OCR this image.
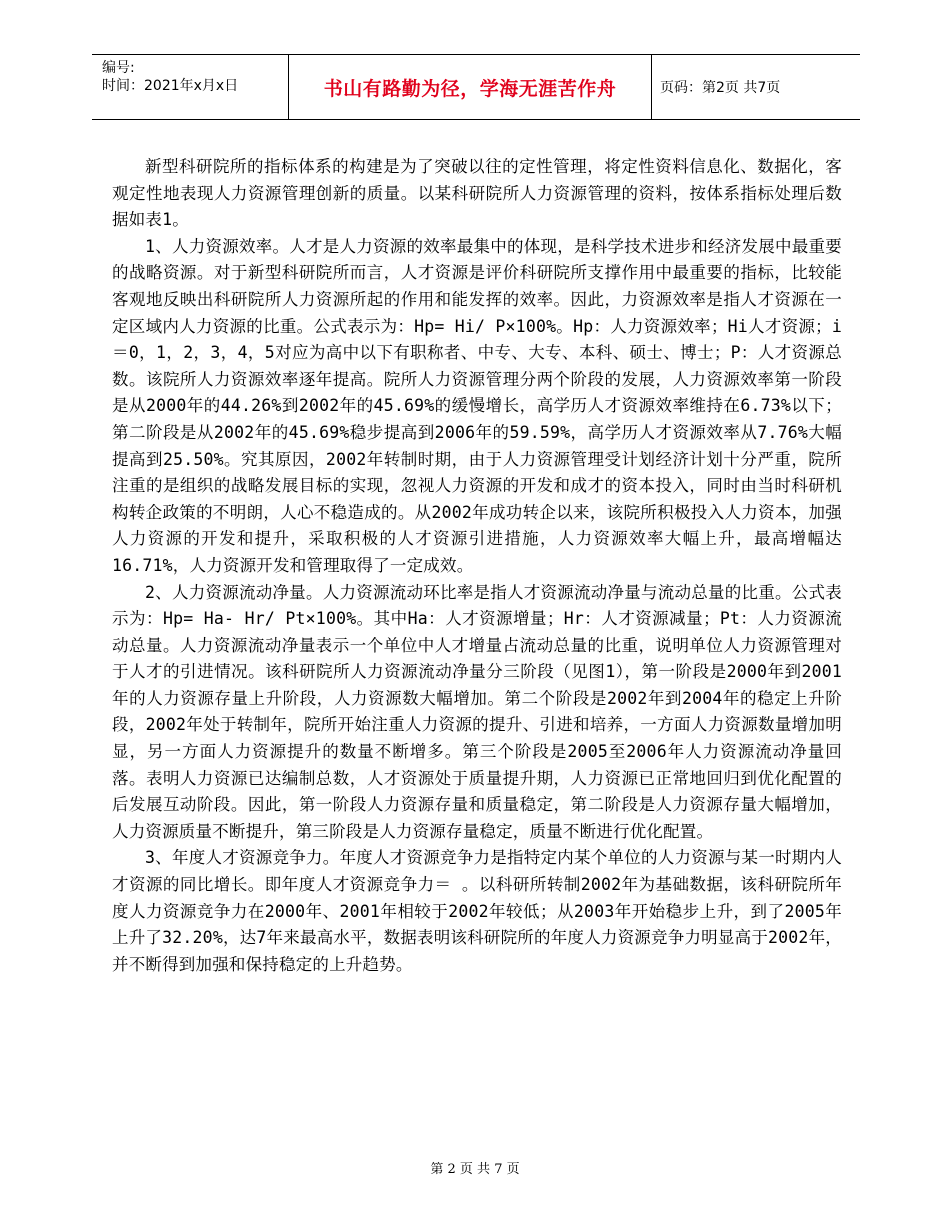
编号:
时间：2021年x月x日	书山有路勤为径，学海无涯苦作舟	页码：第2页 共7页

新型科研院所的指标体系的构建是为了突破以往的定性管理，将定性资料信息化、数据化，客观定性地表现人力资源管理创新的质量。以某科研院所人力资源管理的资料，按体系指标处理后数据如表1。

1、人力资源效率。人才是人力资源的效率最集中的体现，是科学技术进步和经济发展中最重要的战略资源。对于新型科研院所而言，人才资源是评价科研院所支撑作用中最重要的指标，比较能客观地反映出科研院所人力资源所起的作用和能发挥的效率。因此，力资源效率是指人才资源在一定区域内人力资源的比重。公式表示为：Hp= Hi/ P×100%。Hp：人力资源效率；Hi人才资源；i＝0，1，2，3，4，5对应为高中以下有职称者、中专、大专、本科、硕士、博士；P：人才资源总数。该院所人力资源效率逐年提高。院所人力资源管理分两个阶段的发展，人力资源效率第一阶段是从2000年的44.26%到2002年的45.69%的缓慢增长，高学历人才资源效率维持在6.73%以下；第二阶段是从2002年的45.69%稳步提高到2006年的59.59%，高学历人才资源效率从7.76%大幅提高到25.50%。究其原因，2002年转制时期，由于人力资源管理受计划经济计划十分严重，院所注重的是组织的战略发展目标的实现，忽视人力资源的开发和成才的资本投入，同时由当时科研机构转企政策的不明朗，人心不稳造成的。从2002年成功转企以来，该院所积极投入人力资本，加强人力资源的开发和提升，采取积极的人才资源引进措施，人力资源效率大幅上升，最高增幅达16.71%，人力资源开发和管理取得了一定成效。

2、人力资源流动净量。人力资源流动环比率是指人才资源流动净量与流动总量的比重。公式表示为：Hp= Ha- Hr/ Pt×100%。其中Ha：人才资源增量；Hr：人才资源减量；Pt：人力资源流动总量。人力资源流动净量表示一个单位中人才增量占流动总量的比重，说明单位人力资源管理对于人才的引进情况。该科研院所人力资源流动净量分三阶段（见图1），第一阶段是2000年到2001年的人力资源存量上升阶段，人力资源数大幅增加。第二个阶段是2002年到2004年的稳定上升阶段，2002年处于转制年，院所开始注重人力资源的提升、引进和培养，一方面人力资源数量增加明显，另一方面人力资源提升的数量不断增多。第三个阶段是2005至2006年人力资源流动净量回落。表明人力资源已达编制总数，人才资源处于质量提升期，人力资源已正常地回归到优化配置的后发展互动阶段。因此，第一阶段人力资源存量和质量稳定，第二阶段是人力资源存量大幅增加，人力资源质量不断提升，第三阶段是人力资源存量稳定，质量不断进行优化配置。

3、年度人才资源竞争力。年度人才资源竞争力是指特定内某个单位的人力资源与某一时期内人才资源的同比增长。即年度人才资源竞争力＝ 。以科研所转制2002年为基础数据，该科研院所年度人力资源竞争力在2000年、2001年相较于2002年较低；从2003年开始稳步上升，到了2005年上升了32.20%，达7年来最高水平，数据表明该科研院所的年度人力资源竞争力明显高于2002年，并不断得到加强和保持稳定的上升趋势。

第 2 页 共 7 页
